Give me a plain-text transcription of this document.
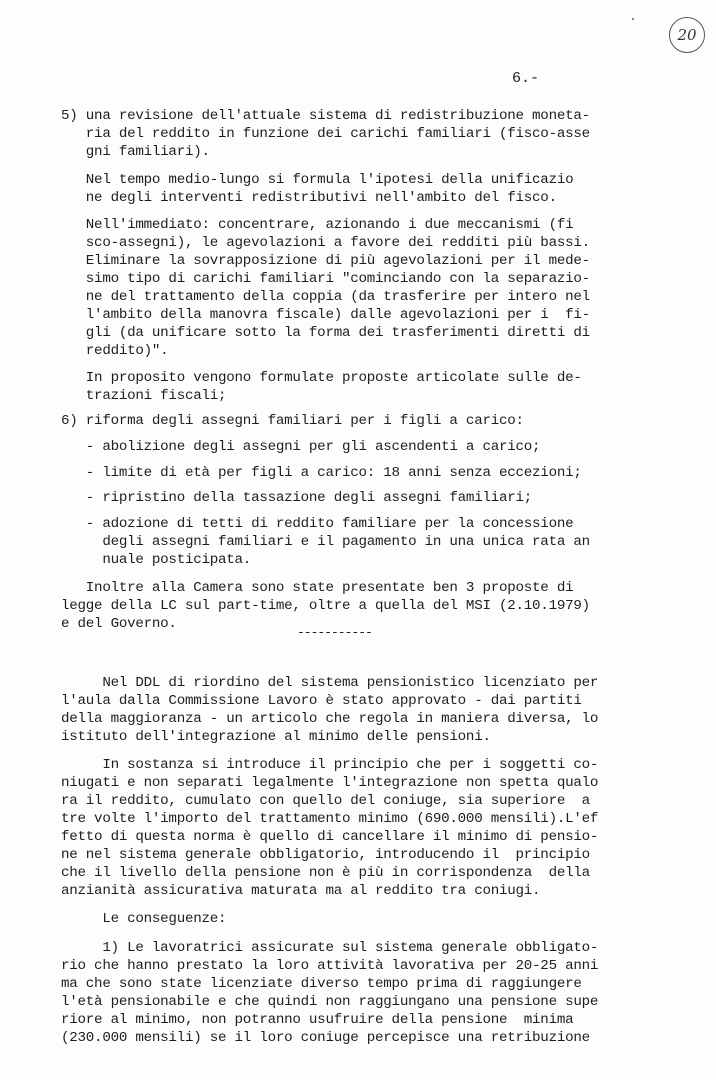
20
6.-
5) una revisione dell'attuale sistema di redistribuzione moneta-
ria del reddito in funzione dei carichi familiari (fisco-asse
gni familiari).
Nel tempo medio-lungo si formula l'ipotesi della unificazio
ne degli interventi redistributivi nell'ambito del fisco.
Nell'immediato: concentrare, azionando i due meccanismi (fi
sco-assegni), le agevolazioni a favore dei redditi più bassi.
Eliminare la sovrapposizione di più agevolazioni per il mede-
simo tipo di carichi familiari "cominciando con la separazio-
ne del trattamento della coppia (da trasferire per intero nel
l'ambito della manovra fiscale) dalle agevolazioni per i  fi-
gli (da unificare sotto la forma dei trasferimenti diretti di
reddito)".
In proposito vengono formulate proposte articolate sulle de-
trazioni fiscali;
6) riforma degli assegni familiari per i figli a carico:
- abolizione degli assegni per gli ascendenti a carico;
- limite di età per figli a carico: 18 anni senza eccezioni;
- ripristino della tassazione degli assegni familiari;
- adozione di tetti di reddito familiare per la concessione
degli assegni familiari e il pagamento in una unica rata an
nuale posticipata.
Inoltre alla Camera sono state presentate ben 3 proposte di
legge della LC sul part-time, oltre a quella del MSI (2.10.1979)
e del Governo.
-----------
Nel DDL di riordino del sistema pensionistico licenziato per
l'aula dalla Commissione Lavoro è stato approvato - dai partiti
della maggioranza - un articolo che regola in maniera diversa, lo
istituto dell'integrazione al minimo delle pensioni.
In sostanza si introduce il principio che per i soggetti co-
niugati e non separati legalmente l'integrazione non spetta qualo
ra il reddito, cumulato con quello del coniuge, sia superiore  a
tre volte l'importo del trattamento minimo (690.000 mensili).L'ef
fetto di questa norma è quello di cancellare il minimo di pensio-
ne nel sistema generale obbligatorio, introducendo il  principio
che il livello della pensione non è più in corrispondenza  della
anzianità assicurativa maturata ma al reddito tra coniugi.
Le conseguenze:
1) Le lavoratrici assicurate sul sistema generale obbligato-
rio che hanno prestato la loro attività lavorativa per 20-25 anni
ma che sono state licenziate diverso tempo prima di raggiungere
l'età pensionabile e che quindi non raggiungano una pensione supe
riore al minimo, non potranno usufruire della pensione  minima
(230.000 mensili) se il loro coniuge percepisce una retribuzione
